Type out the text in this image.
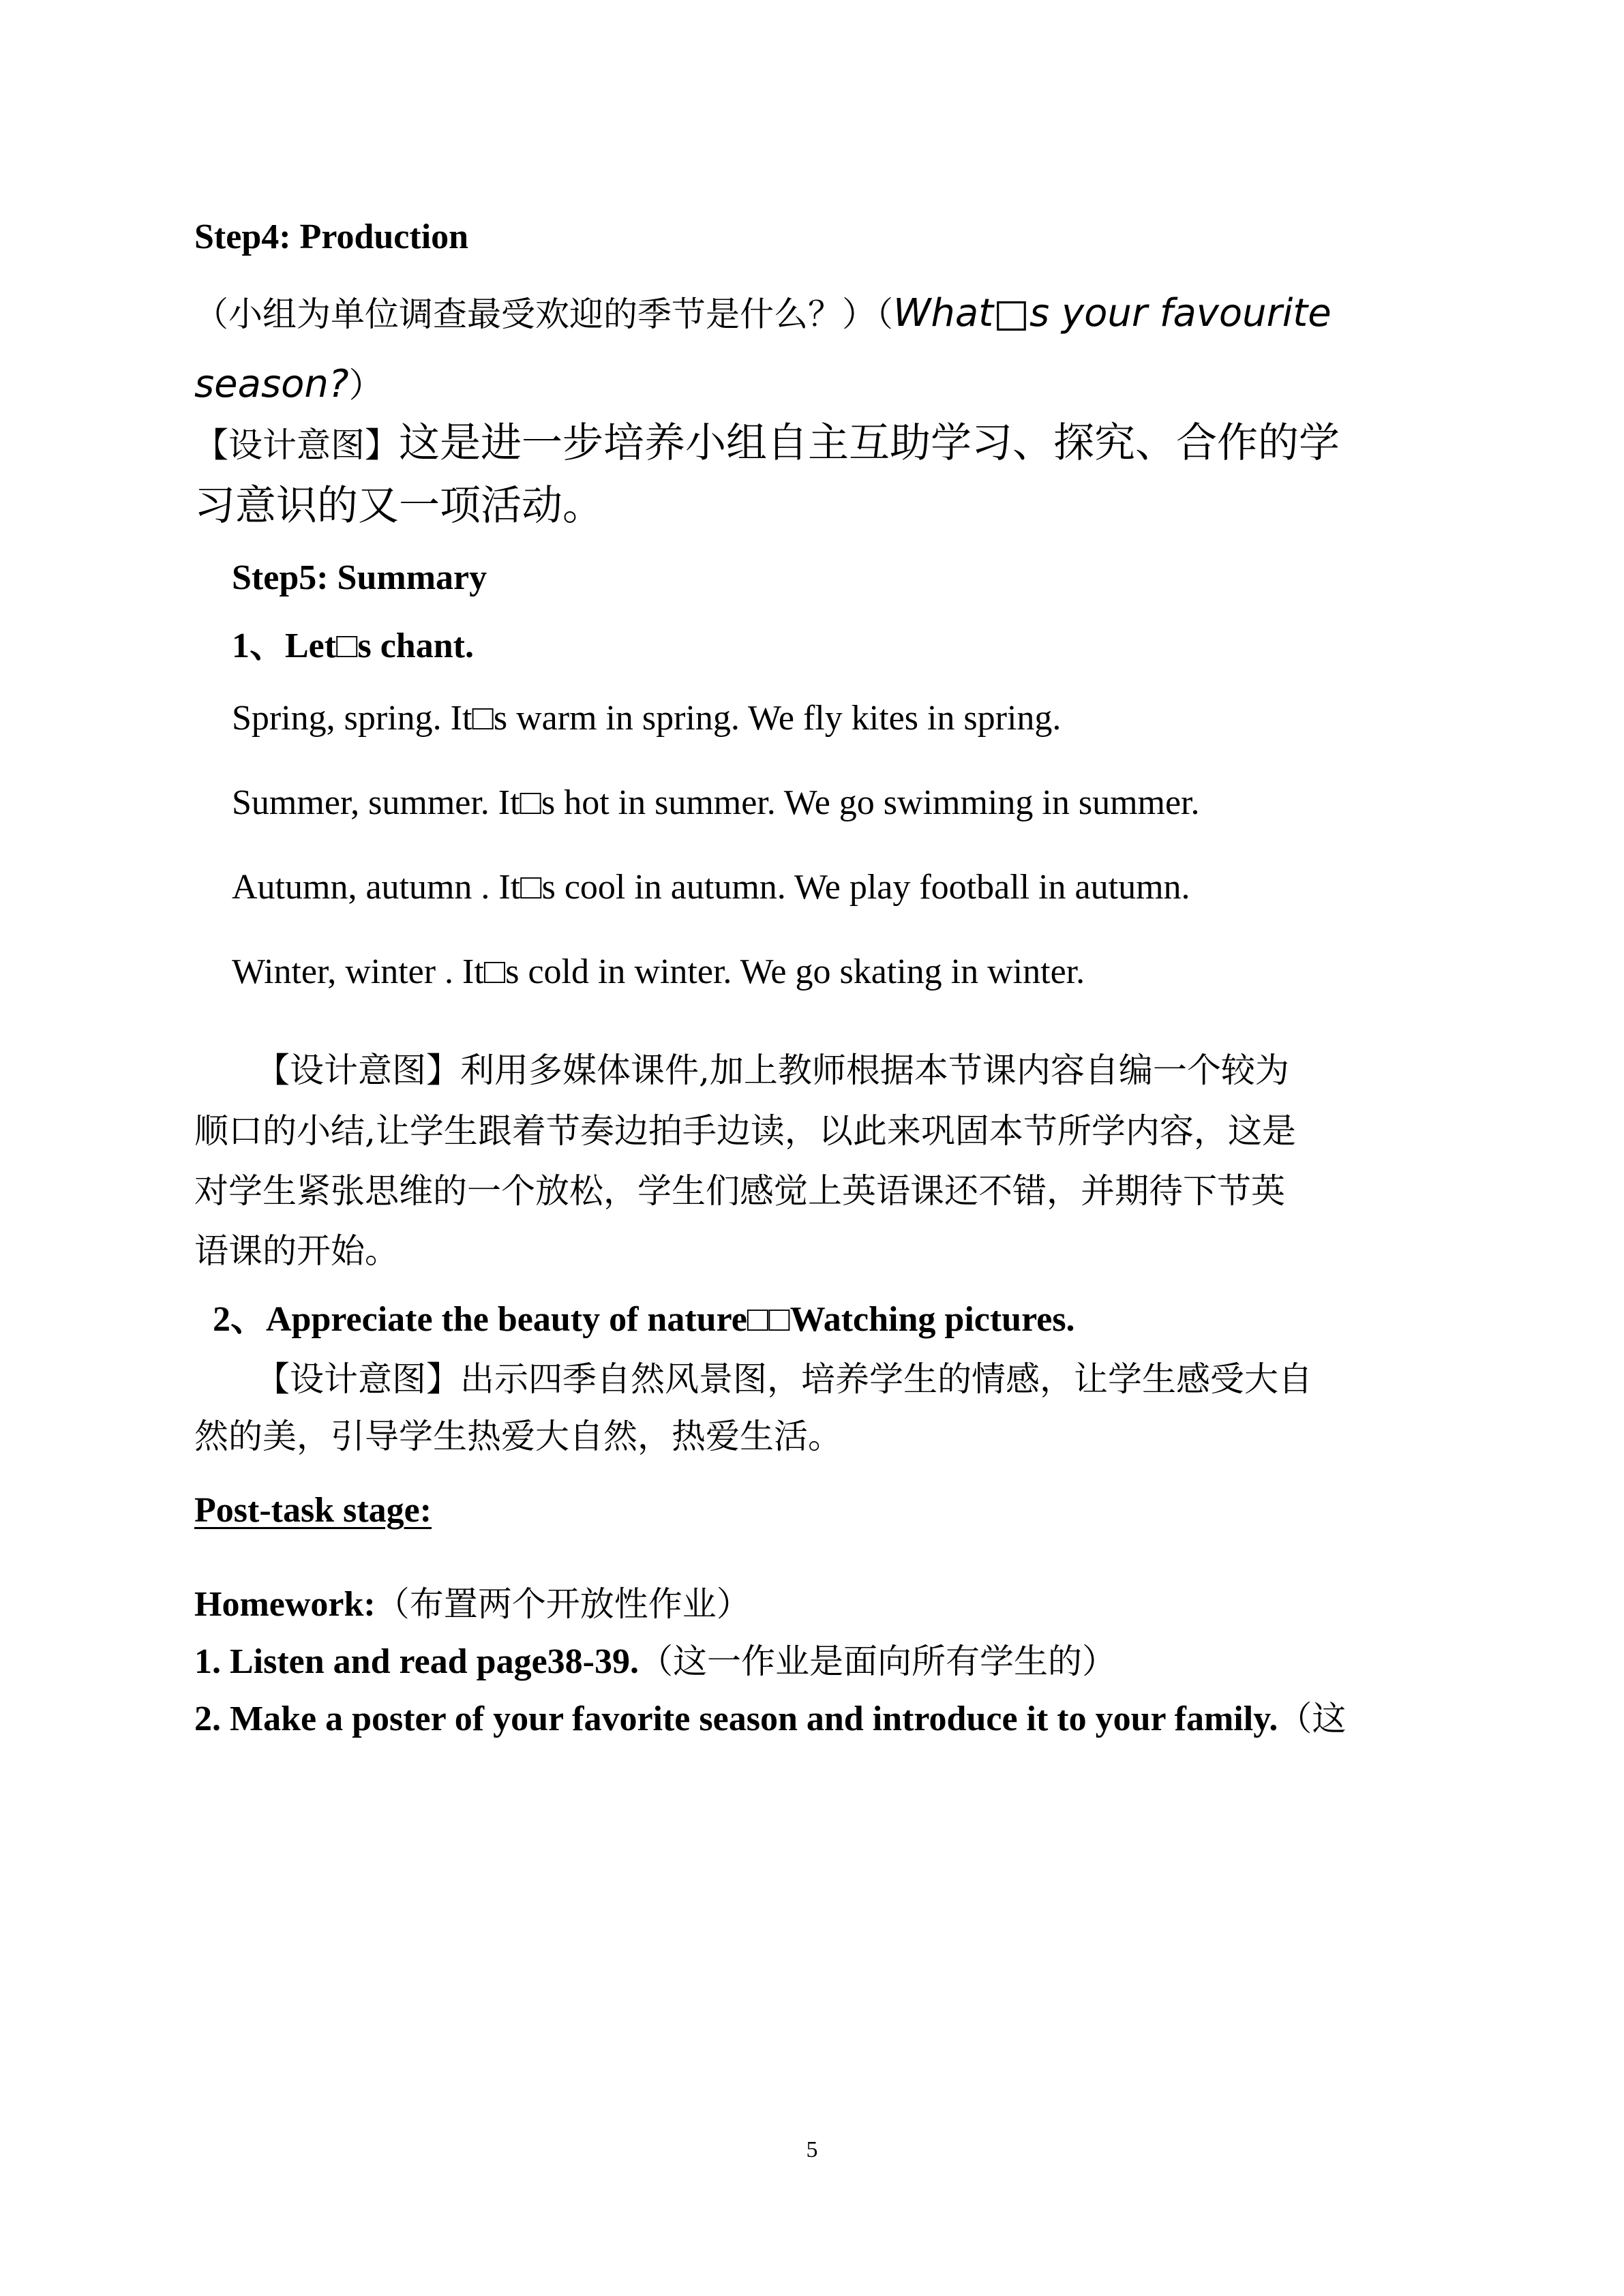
Step4: Production
（小组为单位调查最受欢迎的季节是什么？）（What□s your favourite
season?）
【设计意图】这是进一步培养小组自主互助学习、探究、合作的学
习意识的又一项活动。
Step5: Summary
1、Let□s chant.
Spring, spring. It□s warm in spring. We fly kites in spring.
Summer, summer. It□s hot in summer. We go swimming in summer.
Autumn, autumn . It□s cool in autumn. We play football in autumn.
Winter, winter . It□s cold in winter. We go skating in winter.
【设计意图】利用多媒体课件,加上教师根据本节课内容自编一个较为
顺口的小结,让学生跟着节奏边拍手边读，以此来巩固本节所学内容，这是
对学生紧张思维的一个放松，学生们感觉上英语课还不错，并期待下节英
语课的开始。
2、Appreciate the beauty of nature□□Watching pictures.
【设计意图】出示四季自然风景图，培养学生的情感，让学生感受大自
然的美，引导学生热爱大自然，热爱生活。
Post-task stage:
Homework:（布置两个开放性作业）
1. Listen and read page38-39.（这一作业是面向所有学生的）
2. Make a poster of your favorite season and introduce it to your family.（这
5
